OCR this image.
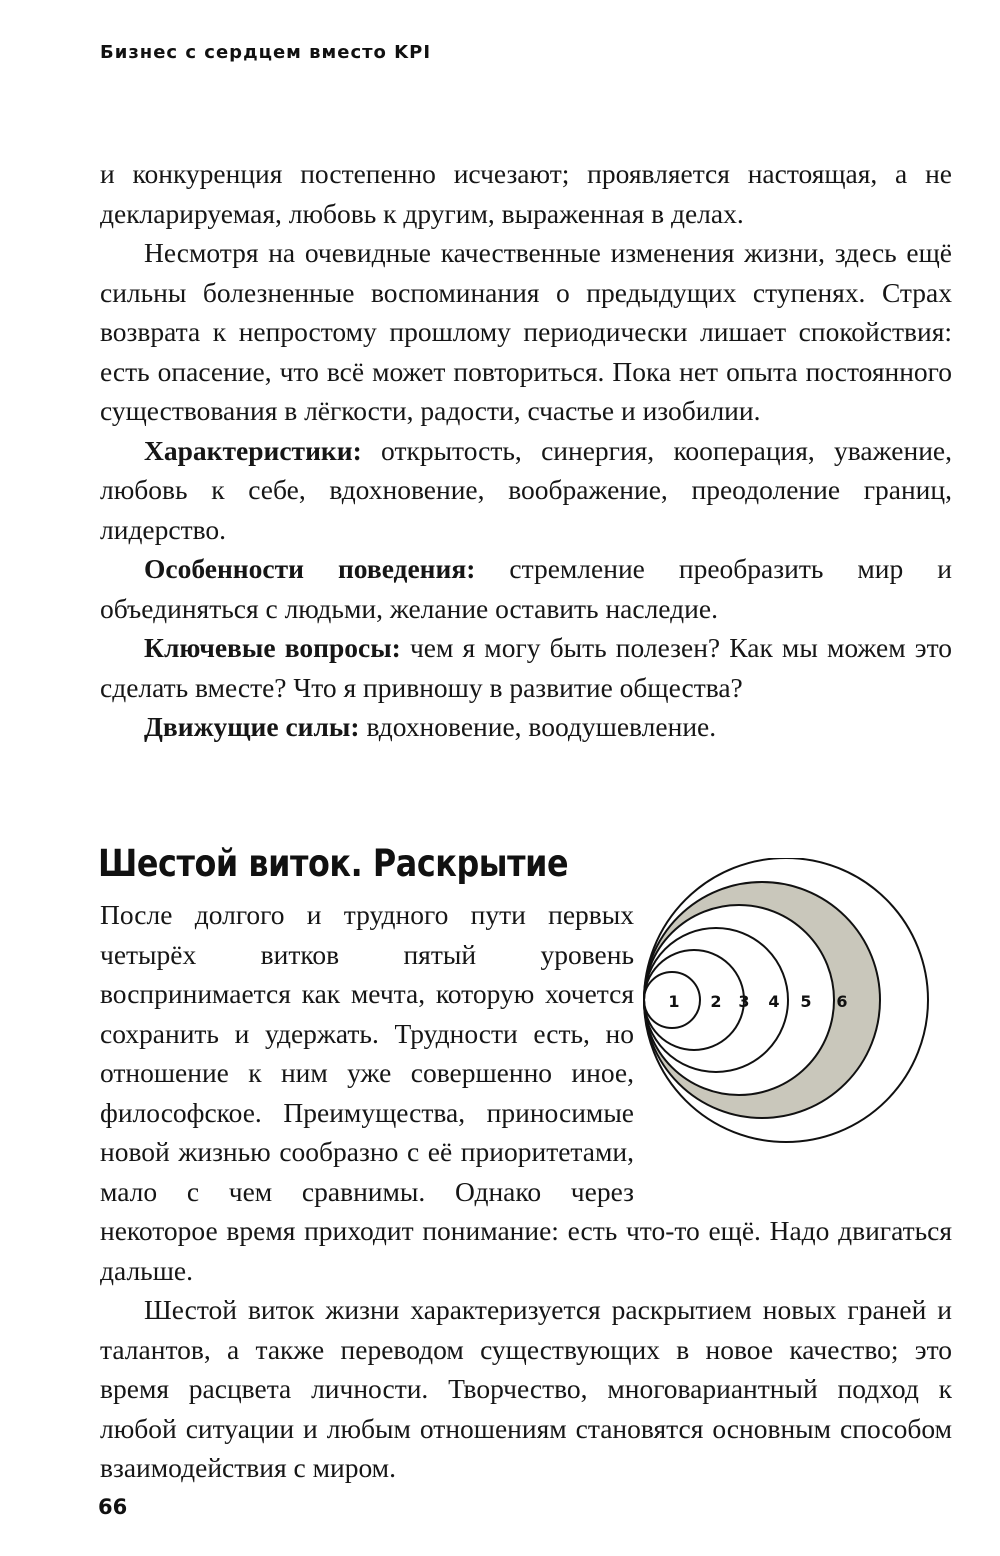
Бизнес с сердцем вместо KPI

и конкуренция постепенно исчезают; проявляется настоящая, а не декларируемая, любовь к другим, выраженная в делах.

Несмотря на очевидные качественные изменения жизни, здесь ещё сильны болезненные воспоминания о предыдущих ступенях. Страх возврата к непростому прошлому периодически лишает спокойствия: есть опасение, что всё может повториться. Пока нет опыта постоянного существования в лёгкости, радости, счастье и изобилии.

Характеристики: открытость, синергия, кооперация, уважение, любовь к себе, вдохновение, воображение, преодоление границ, лидерство.

Особенности поведения: стремление преобразить мир и объединяться с людьми, желание оставить наследие.

Ключевые вопросы: чем я могу быть полезен? Как мы можем это сделать вместе? Что я привношу в развитие общества?

Движущие силы: вдохновение, воодушевление.

Шестой виток. Раскрытие
1 2 3 4 5 6

После долгого и трудного пути первых четырёх витков пятый уровень воспринимается как мечта, которую хочется сохранить и удержать. Трудности есть, но отношение к ним уже совершенно иное, философское. Преимущества, приносимые новой жизнью сообразно с её приоритетами, мало с чем сравнимы. Однако через некоторое время приходит понимание: есть что-то ещё. Надо двигаться дальше.

Шестой виток жизни характеризуется раскрытием новых граней и талантов, а также переводом существующих в новое качество; это время расцвета личности. Творчество, многовариантный подход к любой ситуации и любым отношениям становятся основным способом взаимодействия с миром.

66
